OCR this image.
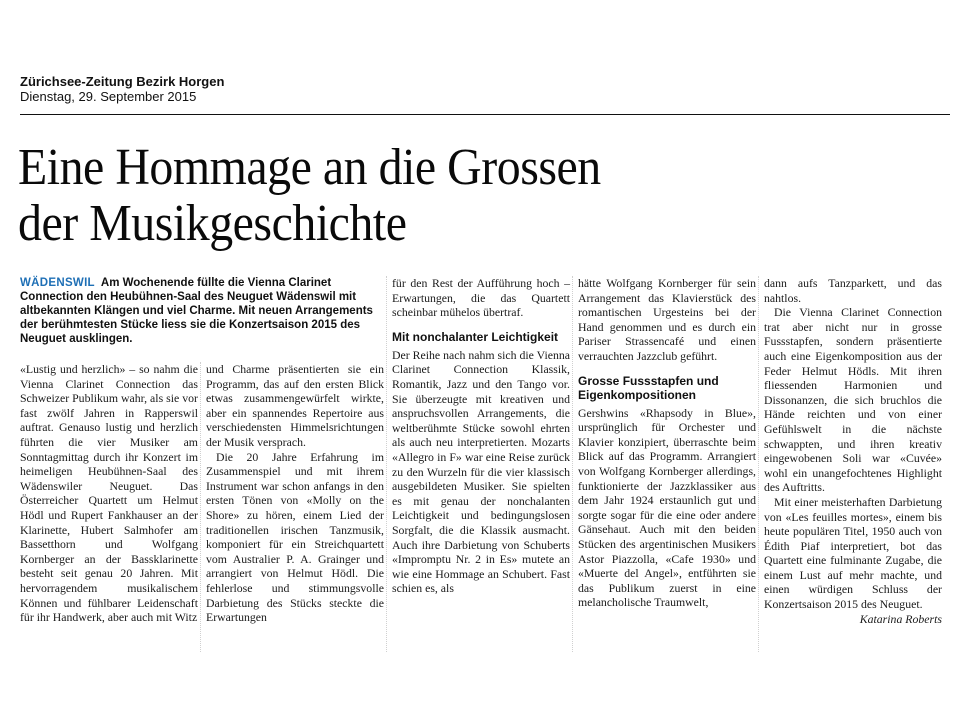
Zürichsee-Zeitung Bezirk Horgen
Dienstag, 29. September 2015
Eine Hommage an die Grossen
der Musikgeschichte
WÄDENSWIL Am Wochenende füllte die Vienna Clarinet Connection den Heubühnen-Saal des Neuguet Wädenswil mit altbekannten Klängen und viel Charme. Mit neuen Arrangements der berühmtesten Stücke liess sie die Konzertsaison 2015 des Neuguet ausklingen.

«Lustig und herzlich» – so nahm die Vienna Clarinet Connection das Schweizer Publikum wahr, als sie vor fast zwölf Jahren in Rapperswil auftrat. Genauso lustig und herzlich führten die vier Musiker am Sonntagmittag durch ihr Konzert im heimeligen Heubühnen-Saal des Wädenswiler Neuguet. Das Österreicher Quartett um Helmut Hödl und Rupert Fankhauser an der Klarinette, Hubert Salmhofer am Bassetthorn und Wolfgang Kornberger an der Bassklarinette besteht seit genau 20 Jahren. Mit hervorragendem musikalischem Können und fühlbarer Leidenschaft für ihr Handwerk, aber auch mit Witz

und Charme präsentierten sie ein Programm, das auf den ersten Blick etwas zusammengewürfelt wirkte, aber ein spannendes Repertoire aus verschiedensten Himmelsrichtungen der Musik versprach.

Die 20 Jahre Erfahrung im Zusammenspiel und mit ihrem Instrument war schon anfangs in den ersten Tönen von «Molly on the Shore» zu hören, einem Lied der traditionellen irischen Tanzmusik, komponiert für ein Streichquartett vom Australier P. A. Grainger und arrangiert von Helmut Hödl. Die fehlerlose und stimmungsvolle Darbietung des Stücks steckte die Erwartungen

für den Rest der Aufführung hoch – Erwartungen, die das Quartett scheinbar mühelos übertraf.

Mit nonchalanter Leichtigkeit

Der Reihe nach nahm sich die Vienna Clarinet Connection Klassik, Romantik, Jazz und den Tango vor. Sie überzeugte mit kreativen und anspruchsvollen Arrangements, die weltberühmte Stücke sowohl ehrten als auch neu interpretierten. Mozarts «Allegro in F» war eine Reise zurück zu den Wurzeln für die vier klassisch ausgebildeten Musiker. Sie spielten es mit genau der nonchalanten Leichtigkeit und bedingungslosen Sorgfalt, die die Klassik ausmacht. Auch ihre Darbietung von Schuberts «Impromptu Nr. 2 in Es» mutete an wie eine Hommage an Schubert. Fast schien es, als

hätte Wolfgang Kornberger für sein Arrangement das Klavierstück des romantischen Urgesteins bei der Hand genommen und es durch ein Pariser Strassencafé und einen verrauchten Jazzclub geführt.

Grosse Fussstapfen und Eigenkompositionen

Gershwins «Rhapsody in Blue», ursprünglich für Orchester und Klavier konzipiert, überraschte beim Blick auf das Programm. Arrangiert von Wolfgang Kornberger allerdings, funktionierte der Jazzklassiker aus dem Jahr 1924 erstaunlich gut und sorgte sogar für die eine oder andere Gänsehaut. Auch mit den beiden Stücken des argentinischen Musikers Astor Piazzolla, «Cafe 1930» und «Muerte del Angel», entführten sie das Publikum zuerst in eine melancholische Traumwelt,

dann aufs Tanzparkett, und das nahtlos.

Die Vienna Clarinet Connection trat aber nicht nur in grosse Fussstapfen, sondern präsentierte auch eine Eigenkomposition aus der Feder Helmut Hödls. Mit ihren fliessenden Harmonien und Dissonanzen, die sich bruchlos die Hände reichten und von einer Gefühlswelt in die nächste schwappten, und ihren kreativ eingewobenen Soli war «Cuvée» wohl ein unangefochtenes Highlight des Auftritts.

Mit einer meisterhaften Darbietung von «Les feuilles mortes», einem bis heute populären Titel, 1950 auch von Édith Piaf interpretiert, bot das Quartett eine fulminante Zugabe, die einem Lust auf mehr machte, und einen würdigen Schluss der Konzertsaison 2015 des Neuguet.

Katarina Roberts
